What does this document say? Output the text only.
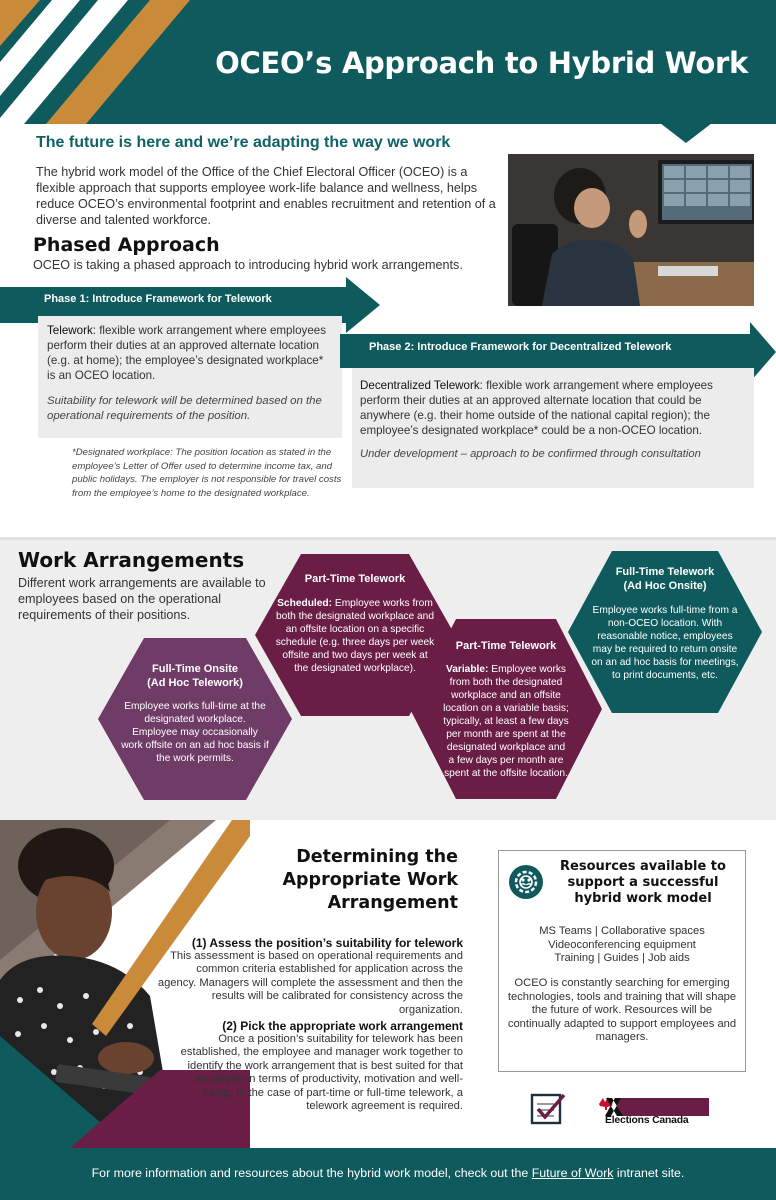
OCEO’s Approach to Hybrid Work
The future is here and we’re adapting the way we work
The hybrid work model of the Office of the Chief Electoral Officer (OCEO) is a flexible approach that supports employee work-life balance and wellness, helps reduce OCEO’s environmental footprint and enables recruitment and retention of a diverse and talented workforce.
Phased Approach
OCEO is taking a phased approach to introducing hybrid work arrangements.
Phase 1: Introduce Framework for Telework
Telework: flexible work arrangement where employees perform their duties at an approved alternate location (e.g. at home); the employee’s designated workplace* is an OCEO location.
Suitability for telework will be determined based on the operational requirements of the position.
*Designated workplace: The position location as stated in the employee’s Letter of Offer used to determine income tax, and public holidays. The employer is not responsible for travel costs from the employee’s home to the designated workplace.
Phase 2: Introduce Framework for Decentralized Telework
Decentralized Telework: flexible work arrangement where employees perform their duties at an approved alternate location that could be anywhere (e.g. their home outside of the national capital region); the employee’s designated workplace* could be a non-OCEO location.
Under development – approach to be confirmed through consultation
Work Arrangements
Different work arrangements are available to employees based on the operational requirements of their positions.
Full-Time Onsite
(Ad Hoc Telework)
Employee works full-time at the designated workplace. Employee may occasionally work offsite on an ad hoc basis if the work permits.
Part-Time Telework
Scheduled: Employee works from both the designated workplace and an offsite location on a specific schedule (e.g. three days per week offsite and two days per week at the designated workplace).
Part-Time Telework
Variable: Employee works from both the designated workplace and an offsite location on a variable basis; typically, at least a few days per month are spent at the designated workplace and a few days per month are spent at the offsite location.
Full-Time Telework
(Ad Hoc Onsite)
Employee works full-time from a non-OCEO location. With reasonable notice, employees may be required to return onsite on an ad hoc basis for meetings, to print documents, etc.
Determining the
Appropriate Work
Arrangement
(1) Assess the position’s suitability for telework
This assessment is based on operational requirements and common criteria established for application across the agency. Managers will complete the assessment and then the results will be calibrated for consistency across the organization.
(2) Pick the appropriate work arrangement
Once a position’s suitability for telework has been established, the employee and manager work together to identify the work arrangement that is best suited for that employee in terms of productivity, motivation and well-being. In the case of part-time or full-time telework, a telework agreement is required.
Resources available to support a successful hybrid work model
MS Teams | Collaborative spaces
Videoconferencing equipment
Training | Guides | Job aids
OCEO is constantly searching for emerging technologies, tools and training that will shape the future of work. Resources will be continually adapted to support employees and managers.
Elections Canada
For more information and resources about the hybrid work model, check out the Future of Work intranet site.
